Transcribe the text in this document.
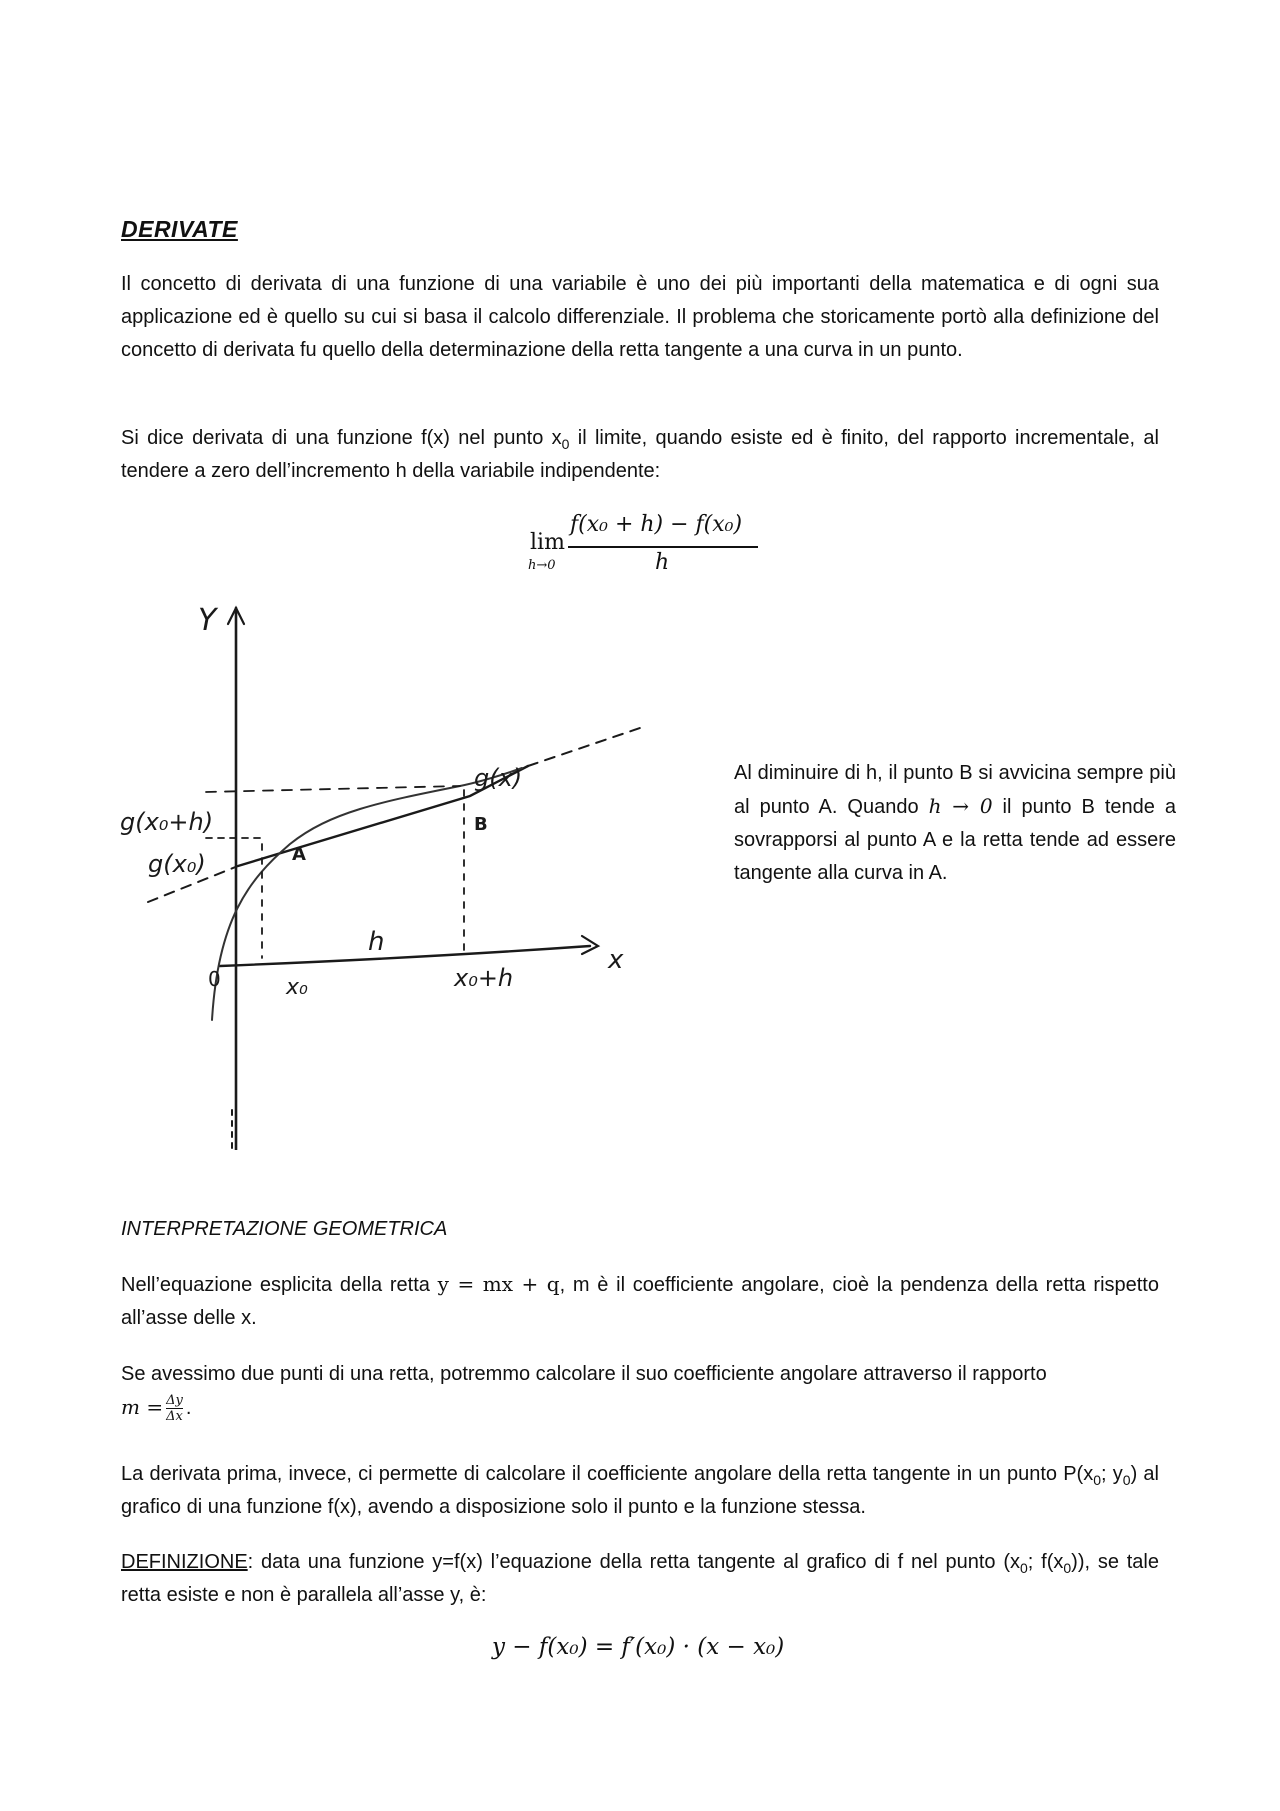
DERIVATE
Il concetto di derivata di una funzione di una variabile è uno dei più importanti della matematica e di ogni sua applicazione ed è quello su cui si basa il calcolo differenziale. Il problema che storicamente portò alla definizione del concetto di derivata fu quello della determinazione della retta tangente a una curva in un punto.
Si dice derivata di una funzione f(x) nel punto $x_0$ il limite, quando esiste ed è finito, del rapporto incrementale, al tendere a zero dell’incremento h della variabile indipendente:
lim
h→0
f(x₀ + h) − f(x₀)
h
Y
x
0
g(x)
g(x₀+h)
g(x₀)	A
B
h
x₀	x₀+h
Al diminuire di h, il punto B si avvicina sempre più al punto A. Quando h → 0 il punto B tende a sovrapporsi al punto A e la retta tende ad essere tangente alla curva in A.
INTERPRETAZIONE GEOMETRICA
Nell’equazione esplicita della retta y = mx + q, m è il coefficiente angolare, cioè la pendenza della retta rispetto all’asse delle x.
Se avessimo due punti di una retta, potremmo calcolare il suo coefficiente angolare attraverso il rapporto
$m = \frac{\Delta y}{\Delta x}$ .
La derivata prima, invece, ci permette di calcolare il coefficiente angolare della retta tangente in un punto $P(x_0$; $y_0$) al grafico di una funzione f(x), avendo a disposizione solo il punto e la funzione stessa.
DEFINIZIONE: data una funzione y=f(x) l’equazione della retta tangente al grafico di f nel punto ($x_0$; $f(x_0)$), se tale retta esiste e non è parallela all’asse y, è:
y − f(x₀) = f′(x₀) · (x − x₀)
